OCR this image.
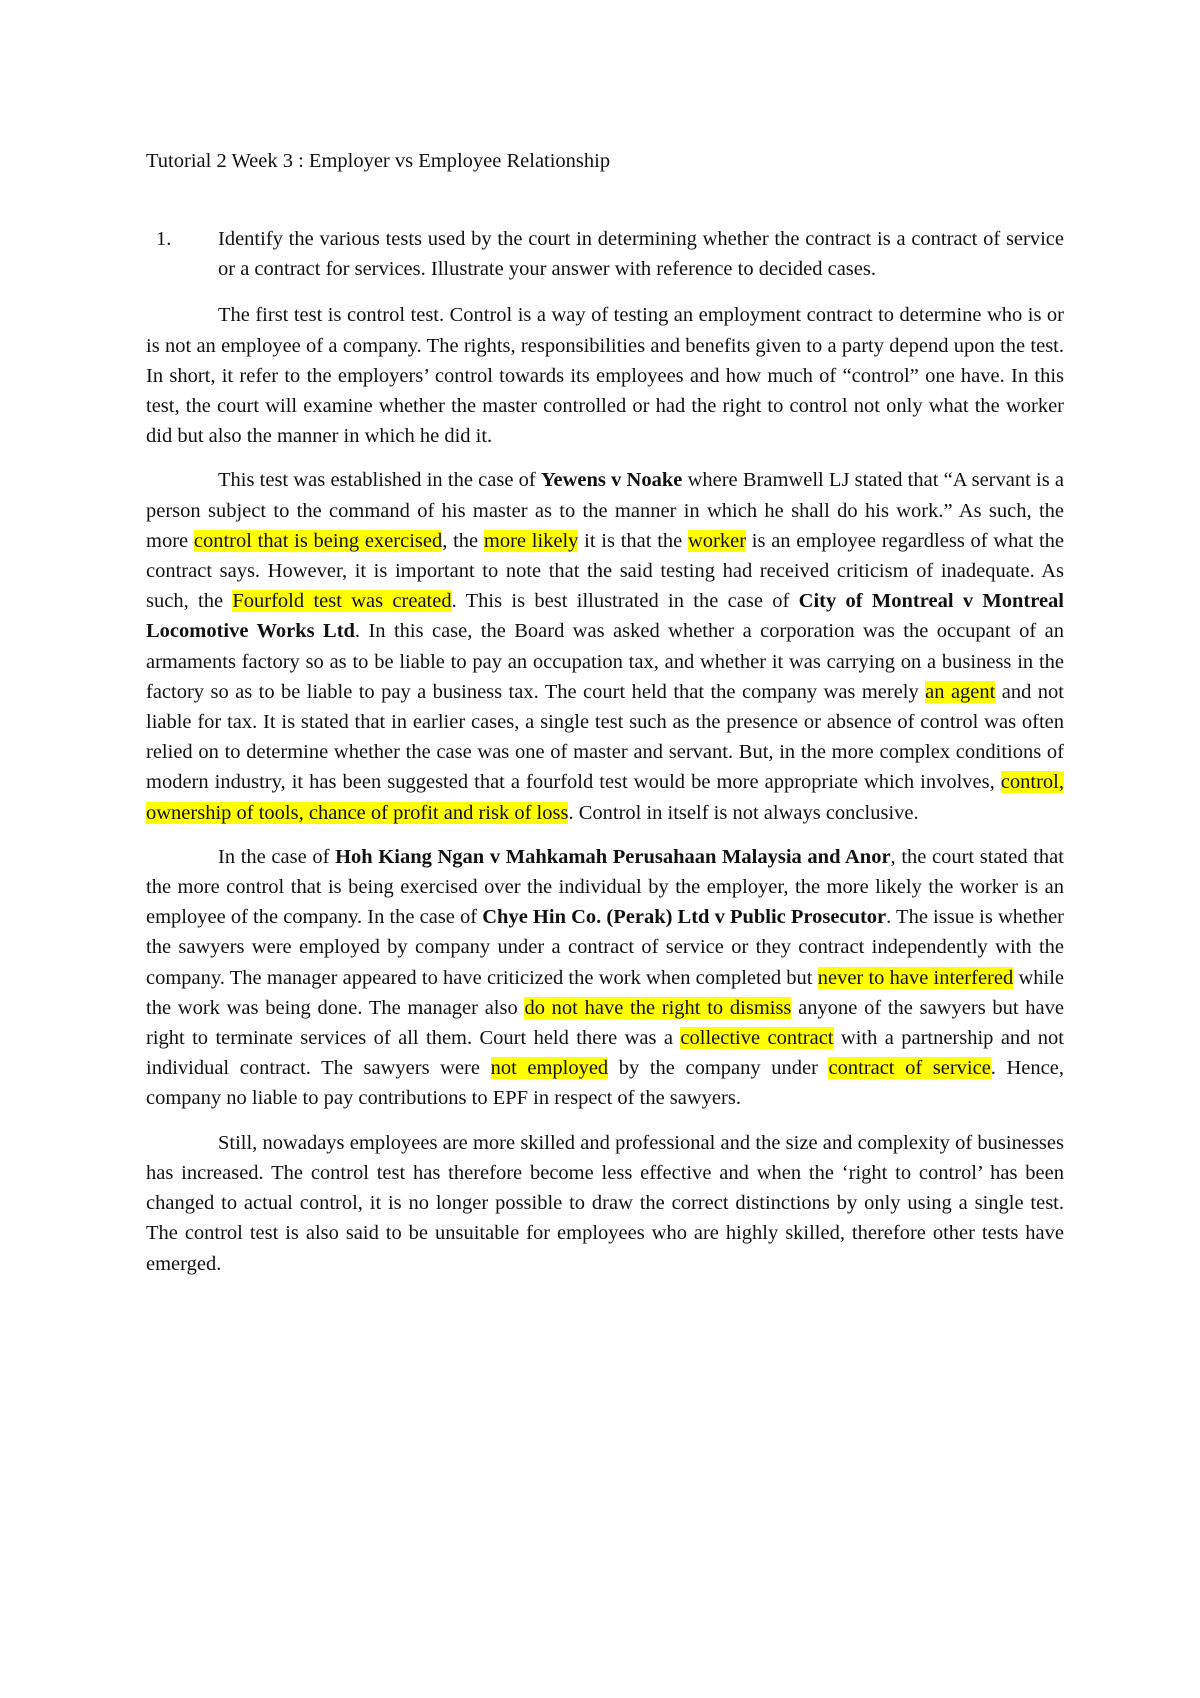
Tutorial 2 Week 3 : Employer vs Employee Relationship
1.	Identify the various tests used by the court in determining whether the contract is a contract of service or a contract for services. Illustrate your answer with reference to decided cases.

The first test is control test. Control is a way of testing an employment contract to determine who is or is not an employee of a company. The rights, responsibilities and benefits given to a party depend upon the test. In short, it refer to the employers’ control towards its employees and how much of “control” one have. In this test, the court will examine whether the master controlled or had the right to control not only what the worker did but also the manner in which he did it.

This test was established in the case of Yewens v Noake where Bramwell LJ stated that “A servant is a person subject to the command of his master as to the manner in which he shall do his work.” As such, the more control that is being exercised, the more likely it is that the worker is an employee regardless of what the contract says. However, it is important to note that the said testing had received criticism of inadequate. As such, the Fourfold test was created. This is best illustrated in the case of City of Montreal v Montreal Locomotive Works Ltd. In this case, the Board was asked whether a corporation was the occupant of an armaments factory so as to be liable to pay an occupation tax, and whether it was carrying on a business in the factory so as to be liable to pay a business tax. The court held that the company was merely an agent and not liable for tax. It is stated that in earlier cases, a single test such as the presence or absence of control was often relied on to determine whether the case was one of master and servant. But, in the more complex conditions of modern industry, it has been suggested that a fourfold test would be more appropriate which involves, control, ownership of tools, chance of profit and risk of loss. Control in itself is not always conclusive.

In the case of Hoh Kiang Ngan v Mahkamah Perusahaan Malaysia and Anor, the court stated that the more control that is being exercised over the individual by the employer, the more likely the worker is an employee of the company. In the case of Chye Hin Co. (Perak) Ltd v Public Prosecutor. The issue is whether the sawyers were employed by company under a contract of service or they contract independently with the company. The manager appeared to have criticized the work when completed but never to have interfered while the work was being done. The manager also do not have the right to dismiss anyone of the sawyers but have right to terminate services of all them. Court held there was a collective contract with a partnership and not individual contract. The sawyers were not employed by the company under contract of service. Hence, company no liable to pay contributions to EPF in respect of the sawyers.

Still, nowadays employees are more skilled and professional and the size and complexity of businesses has increased. The control test has therefore become less effective and when the ‘right to control’ has been changed to actual control, it is no longer possible to draw the correct distinctions by only using a single test. The control test is also said to be unsuitable for employees who are highly skilled, therefore other tests have emerged.
